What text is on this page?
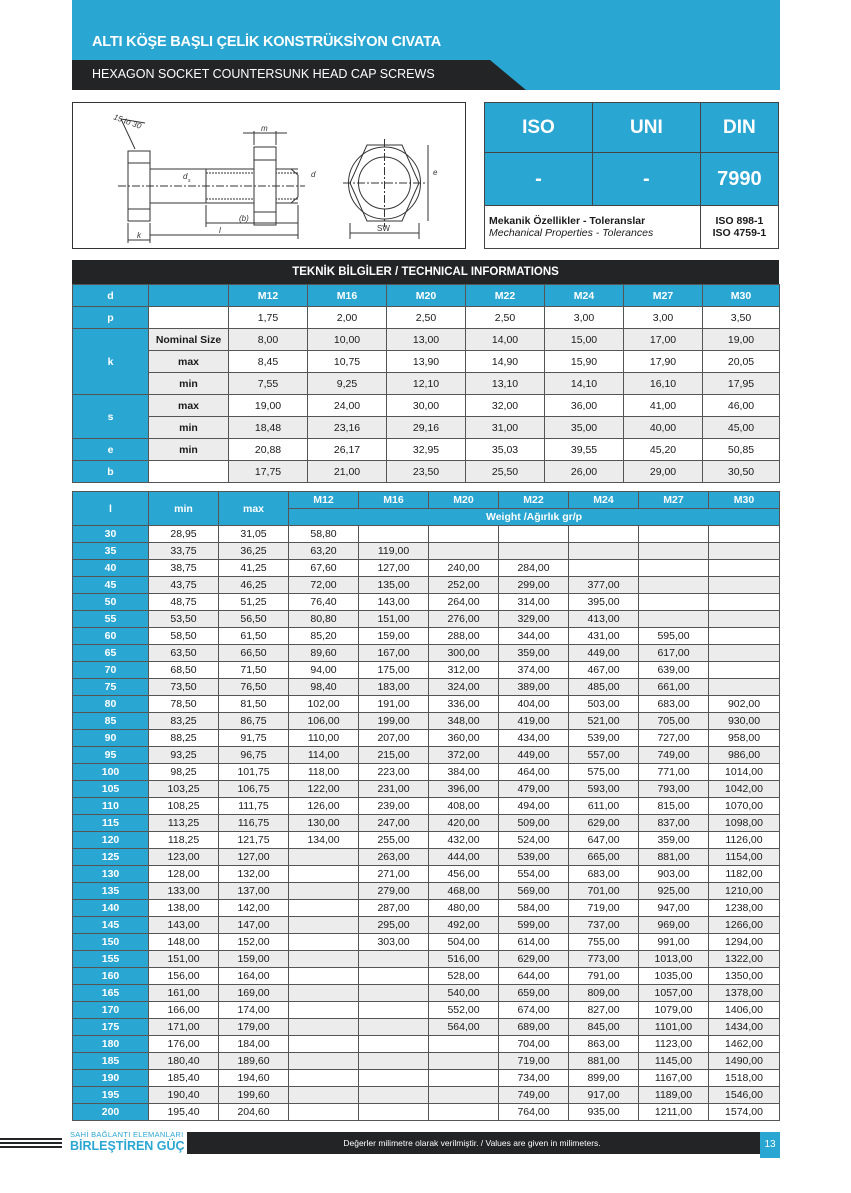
ALTI KÖŞE BAŞLI ÇELİK KONSTRÜKSİYON CIVATA
HEXAGON SOCKET COUNTERSUNK HEAD CAP SCREWS
15 to 30	m
d s
d
(b)
k
l
e
SW
ISO	UNI	DIN
-	-	7990

Mekanik Özellikler - Toleranslar
Mechanical Properties - Tolerances		ISO 898-1
ISO 4759-1
TEKNİK BİLGİLER / TECHNICAL INFORMATIONS
d		M12	M16	M20	M22	M24	M27	M30
p		1,75	2,00	2,50	2,50	3,00	3,00	3,50
k	Nominal Size	8,00	10,00	13,00	14,00	15,00	17,00	19,00
	max	8,45	10,75	13,90	14,90	15,90	17,90	20,05
	min	7,55	9,25	12,10	13,10	14,10	16,10	17,95
s	max	19,00	24,00	30,00	32,00	36,00	41,00	46,00
	min	18,48	23,16	29,16	31,00	35,00	40,00	45,00
e	min	20,88	26,17	32,95	35,03	39,55	45,20	50,85
b		17,75	21,00	23,50	25,50	26,00	29,00	30,50
l	min	max	M12	M16	M20	M22	M24	M27	M30
			Weight /Ağırlık gr/p						
30	28,95	31,05	58,80						
35	33,75	36,25	63,20	119,00					
40	38,75	41,25	67,60	127,00	240,00	284,00			
45	43,75	46,25	72,00	135,00	252,00	299,00	377,00		
50	48,75	51,25	76,40	143,00	264,00	314,00	395,00		
55	53,50	56,50	80,80	151,00	276,00	329,00	413,00		
60	58,50	61,50	85,20	159,00	288,00	344,00	431,00	595,00	
65	63,50	66,50	89,60	167,00	300,00	359,00	449,00	617,00	
70	68,50	71,50	94,00	175,00	312,00	374,00	467,00	639,00	
75	73,50	76,50	98,40	183,00	324,00	389,00	485,00	661,00	
80	78,50	81,50	102,00	191,00	336,00	404,00	503,00	683,00	902,00
85	83,25	86,75	106,00	199,00	348,00	419,00	521,00	705,00	930,00
90	88,25	91,75	110,00	207,00	360,00	434,00	539,00	727,00	958,00
95	93,25	96,75	114,00	215,00	372,00	449,00	557,00	749,00	986,00
100	98,25	101,75	118,00	223,00	384,00	464,00	575,00	771,00	1014,00
105	103,25	106,75	122,00	231,00	396,00	479,00	593,00	793,00	1042,00
110	108,25	111,75	126,00	239,00	408,00	494,00	611,00	815,00	1070,00
115	113,25	116,75	130,00	247,00	420,00	509,00	629,00	837,00	1098,00
120	118,25	121,75	134,00	255,00	432,00	524,00	647,00	359,00	1126,00
125	123,00	127,00		263,00	444,00	539,00	665,00	881,00	1154,00
130	128,00	132,00		271,00	456,00	554,00	683,00	903,00	1182,00
135	133,00	137,00		279,00	468,00	569,00	701,00	925,00	1210,00
140	138,00	142,00		287,00	480,00	584,00	719,00	947,00	1238,00
145	143,00	147,00		295,00	492,00	599,00	737,00	969,00	1266,00
150	148,00	152,00		303,00	504,00	614,00	755,00	991,00	1294,00
155	151,00	159,00			516,00	629,00	773,00	1013,00	1322,00
160	156,00	164,00			528,00	644,00	791,00	1035,00	1350,00
165	161,00	169,00			540,00	659,00	809,00	1057,00	1378,00
170	166,00	174,00			552,00	674,00	827,00	1079,00	1406,00
175	171,00	179,00			564,00	689,00	845,00	1101,00	1434,00
180	176,00	184,00				704,00	863,00	1123,00	1462,00
185	180,40	189,60				719,00	881,00	1145,00	1490,00
190	185,40	194,60				734,00	899,00	1167,00	1518,00
195	190,40	199,60				749,00	917,00	1189,00	1546,00
200	195,40	204,60				764,00	935,00	1211,00	1574,00
SAHİ BAĞLANTI ELEMANLARI
BİRLEŞTİREN GÜÇ	Değerler milimetre olarak verilmiştir. / Values are given in milimeters.	13
